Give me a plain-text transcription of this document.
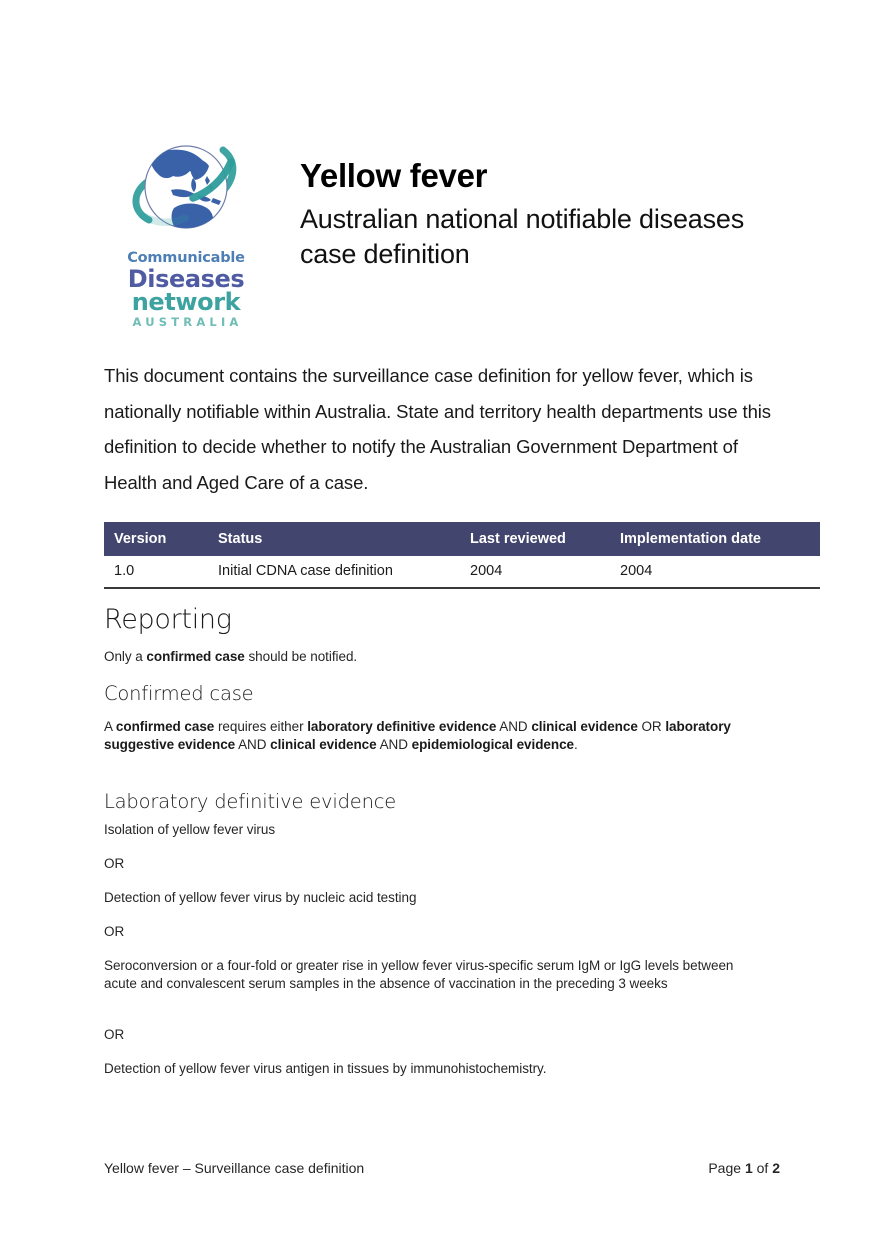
Communicable
Diseases
network
AUSTRALIA
Yellow fever
Australian national notifiable diseases case definition
This document contains the surveillance case definition for yellow fever, which is nationally notifiable within Australia. State and territory health departments use this definition to decide whether to notify the Australian Government Department of Health and Aged Care of a case.
Version	Status	Last reviewed	Implementation date
1.0	Initial CDNA case definition	2004	2004
Reporting

Only a confirmed case should be notified.

Confirmed case

A confirmed case requires either laboratory definitive evidence AND clinical evidence OR laboratory suggestive evidence AND clinical evidence AND epidemiological evidence.

Laboratory definitive evidence

Isolation of yellow fever virus

OR

Detection of yellow fever virus by nucleic acid testing

OR

Seroconversion or a four-fold or greater rise in yellow fever virus-specific serum IgM or IgG levels between acute and convalescent serum samples in the absence of vaccination in the preceding 3 weeks

OR

Detection of yellow fever virus antigen in tissues by immunohistochemistry.

Yellow fever – Surveillance case definition	Page 1 of 2
